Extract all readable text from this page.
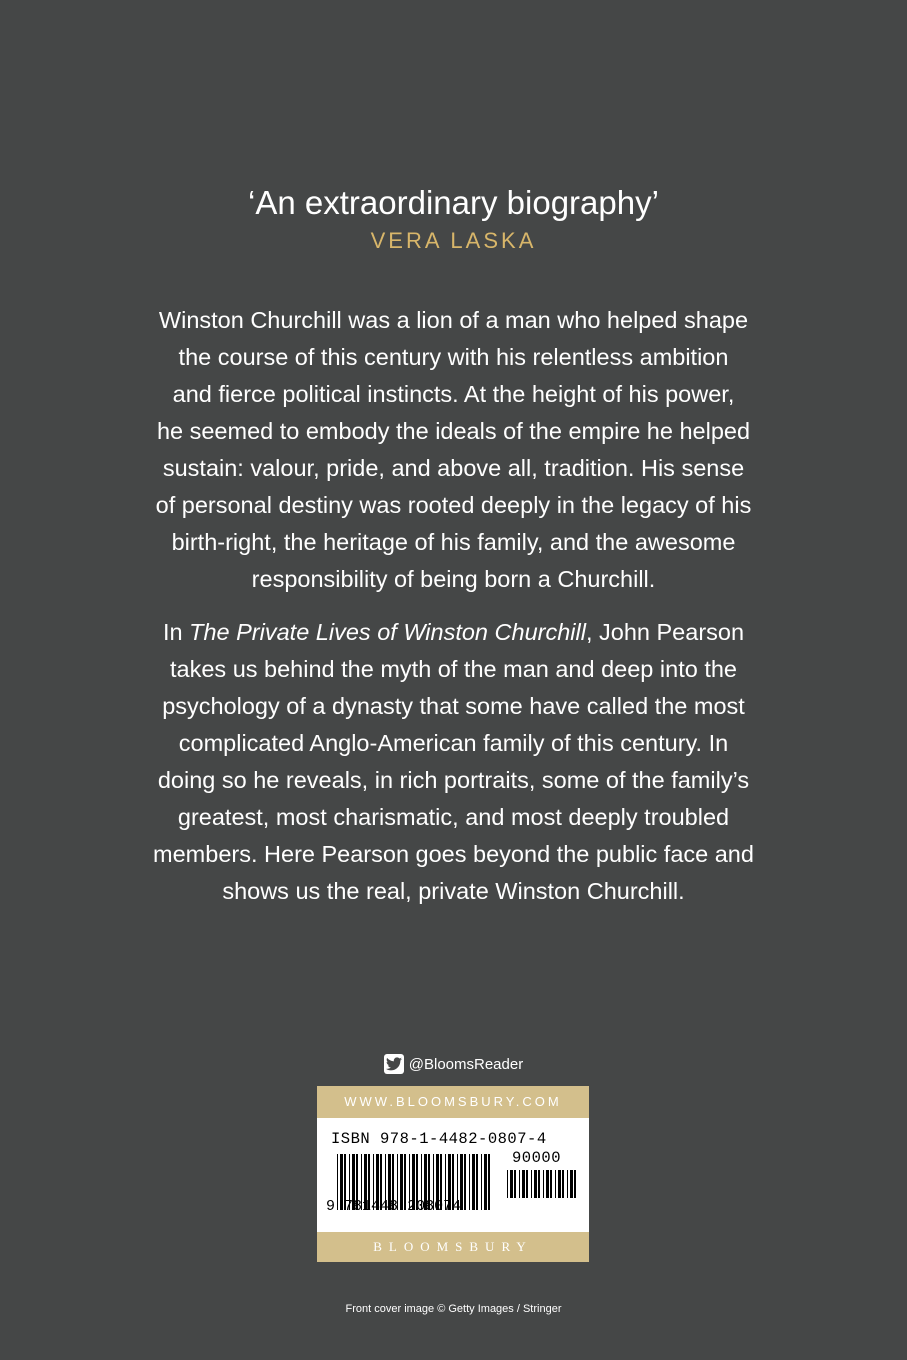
‘An extraordinary biography’
VERA LASKA

Winston Churchill was a lion of a man who helped shape
the course of this century with his relentless ambition
and fierce political instincts. At the height of his power,
he seemed to embody the ideals of the empire he helped
sustain: valour, pride, and above all, tradition. His sense
of personal destiny was rooted deeply in the legacy of his
birth-right, the heritage of his family, and the awesome
responsibility of being born a Churchill.

In The Private Lives of Winston Churchill, John Pearson
takes us behind the myth of the man and deep into the
psychology of a dynasty that some have called the most
complicated Anglo-American family of this century. In
doing so he reveals, in rich portraits, some of the family’s
greatest, most charismatic, and most deeply troubled
members. Here Pearson goes beyond the public face and
shows us the real, private Winston Churchill.

@BloomsReader
WWW.BLOOMSBURY.COM
ISBN 978-1-4482-0807-4
90000
9 781448 208074
BLOOMSBURY
Front cover image © Getty Images / Stringer
